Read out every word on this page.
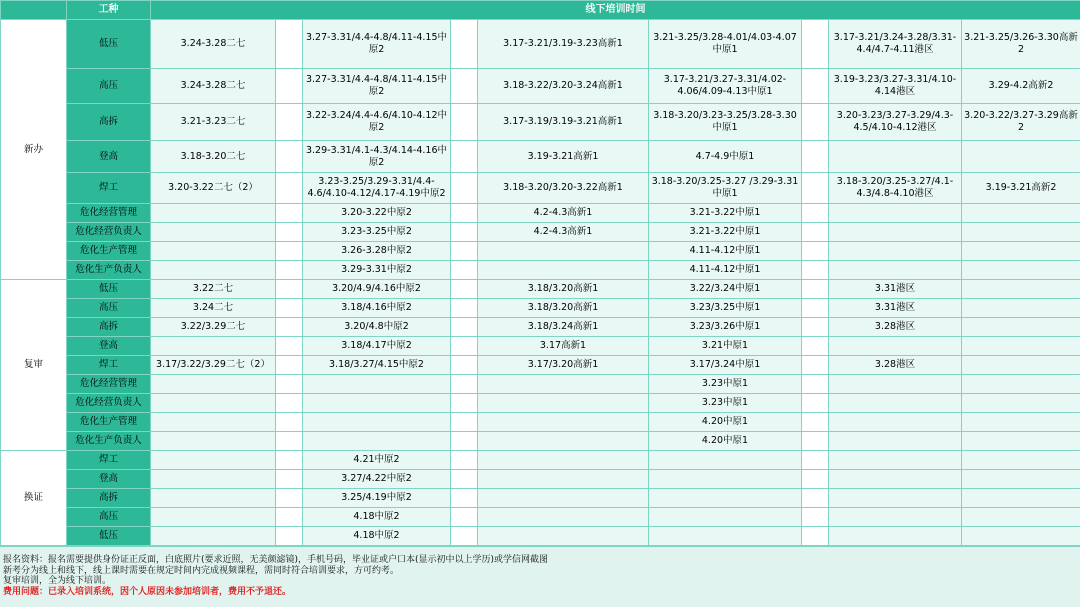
	工种	线下培训时间								
新办	低压	3.24-3.28二七		3.27-3.31/4.4-4.8/4.11-4.15中原2		3.17-3.21/3.19-3.23高新1	3.21-3.25/3.28-4.01/4.03-4.07 中原1		3.17-3.21/3.24-3.28/3.31-4.4/4.7-4.11港区	3.21-3.25/3.26-3.30高新2
	高压	3.24-3.28二七		3.27-3.31/4.4-4.8/4.11-4.15中原2		3.18-3.22/3.20-3.24高新1	3.17-3.21/3.27-3.31/4.02-4.06/4.09-4.13中原1		3.19-3.23/3.27-3.31/4.10-4.14港区	3.29-4.2高新2
	高拆	3.21-3.23二七		3.22-3.24/4.4-4.6/4.10-4.12中原2		3.17-3.19/3.19-3.21高新1	3.18-3.20/3.23-3.25/3.28-3.30中原1		3.20-3.23/3.27-3.29/4.3-4.5/4.10-4.12港区	3.20-3.22/3.27-3.29高新2
	登高	3.18-3.20二七		3.29-3.31/4.1-4.3/4.14-4.16中原2		3.19-3.21高新1	4.7-4.9中原1			
	焊工	3.20-3.22二七（2）		3.23-3.25/3.29-3.31/4.4-4.6/4.10-4.12/4.17-4.19中原2		3.18-3.20/3.20-3.22高新1	3.18-3.20/3.25-3.27 /3.29-3.31中原1		3.18-3.20/3.25-3.27/4.1-4.3/4.8-4.10港区	3.19-3.21高新2
	危化经营管理			3.20-3.22中原2		4.2-4.3高新1	3.21-3.22中原1			
	危化经营负责人			3.23-3.25中原2		4.2-4.3高新1	3.21-3.22中原1			
	危化生产管理			3.26-3.28中原2			4.11-4.12中原1			
	危化生产负责人			3.29-3.31中原2			4.11-4.12中原1			
复审	低压	3.22二七		3.20/4.9/4.16中原2		3.18/3.20高新1	3.22/3.24中原1		3.31港区	
	高压	3.24二七		3.18/4.16中原2		3.18/3.20高新1	3.23/3.25中原1		3.31港区	
	高拆	3.22/3.29二七		3.20/4.8中原2		3.18/3.24高新1	3.23/3.26中原1		3.28港区	
	登高			3.18/4.17中原2		3.17高新1	3.21中原1			
	焊工	3.17/3.22/3.29二七（2）		3.18/3.27/4.15中原2		3.17/3.20高新1	3.17/3.24中原1		3.28港区	
	危化经营管理						3.23中原1			
	危化经营负责人						3.23中原1			
	危化生产管理						4.20中原1			
	危化生产负责人						4.20中原1			
换证	焊工			4.21中原2						
	登高			3.27/4.22中原2						
	高拆			3.25/4.19中原2						
	高压			4.18中原2						
	低压			4.18中原2						
报名资料：报名需要提供身份证正反面，白底照片(要求近照，无美颜滤镜)，手机号码，毕业证或户口本(显示初中以上学历)或学信网截图
新考分为线上和线下，线上课时需要在规定时间内完成视频课程，需同时符合培训要求，方可约考。
复审培训，全为线下培训。
费用问题：已录入培训系统，因个人原因未参加培训者，费用不予退还。
